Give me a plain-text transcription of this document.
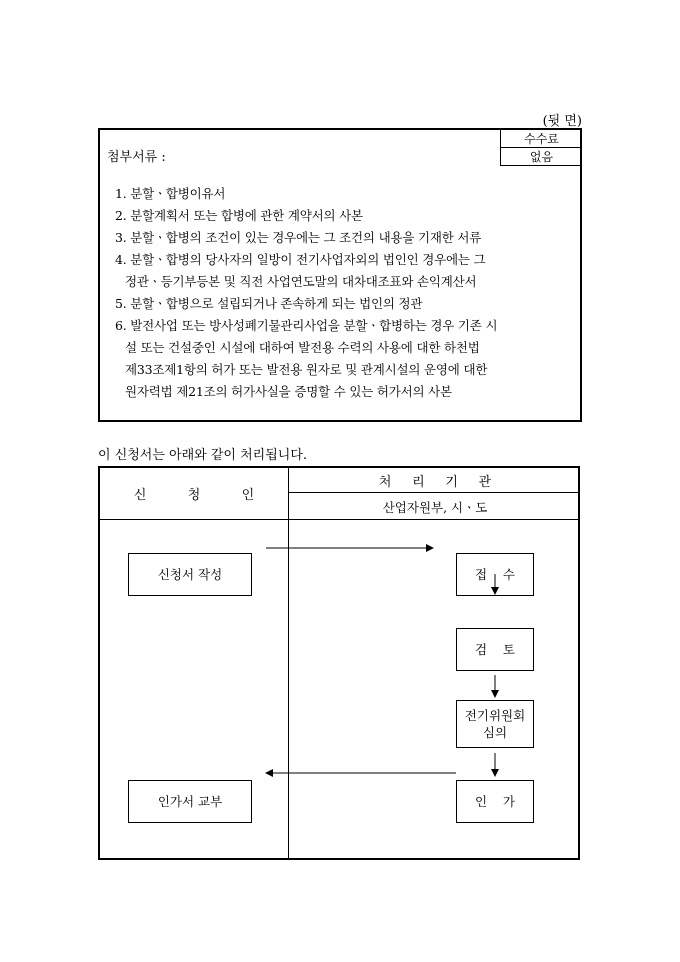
(뒷 면)
첨부서류 :
수수료
없음
1. 분할ㆍ합병이유서
2. 분할계획서 또는 합병에 관한 계약서의 사본
3. 분할ㆍ합병의 조건이 있는 경우에는 그 조건의 내용을 기재한 서류
4. 분할ㆍ합병의 당사자의 일방이 전기사업자외의 법인인 경우에는 그
정관ㆍ등기부등본 및 직전 사업연도말의 대차대조표와 손익계산서
5. 분할ㆍ합병으로 설립되거나 존속하게 되는 법인의 정관
6. 발전사업 또는 방사성폐기물관리사업을 분할ㆍ합병하는 경우 기존 시
설 또는 건설중인 시설에 대하여 발전용 수력의 사용에 대한 하천법
제33조제1항의 허가 또는 발전용 원자로 및 관계시설의 운영에 대한
원자력법 제21조의 허가사실을 증명할 수 있는 허가서의 사본
이 신청서는 아래와 같이 처리됩니다.
신          청          인
처     리     기     관
산업자원부, 시ㆍ도
신청서 작성
인가서 교부
접    수
검    토
전기위원회
심의
인    가
